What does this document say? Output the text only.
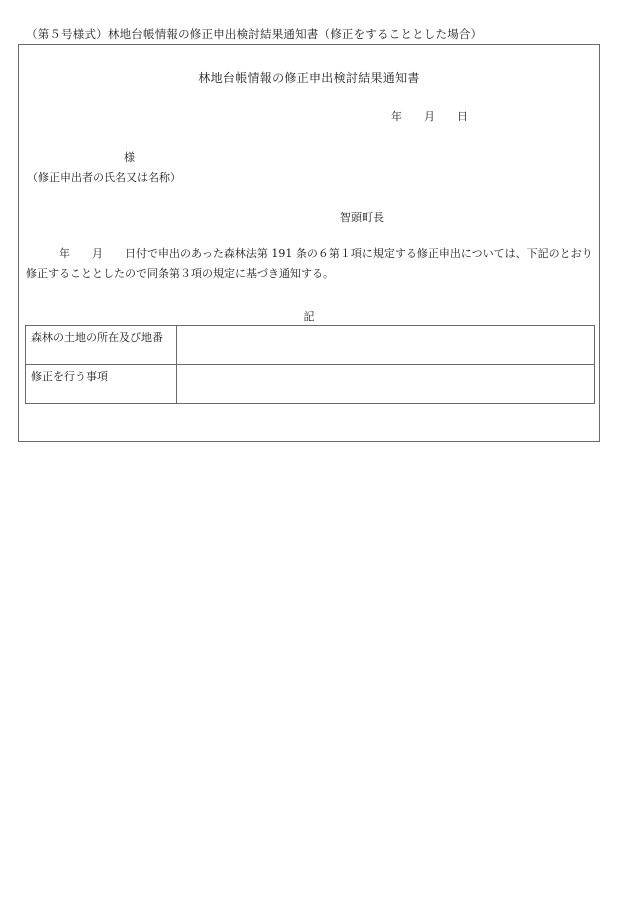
（第５号様式）林地台帳情報の修正申出検討結果通知書（修正をすることとした場合）
林地台帳情報の修正申出検討結果通知書
年 月 日
様
（修正申出者の氏名又は名称）
智頭町長
年 月 日付で申出のあった森林法第 191 条の６第１項に規定する修正申出については、下記のとおり
修正することとしたので同条第３項の規定に基づき通知する。
記
森林の土地の所在及び地番	
修正を行う事項	
